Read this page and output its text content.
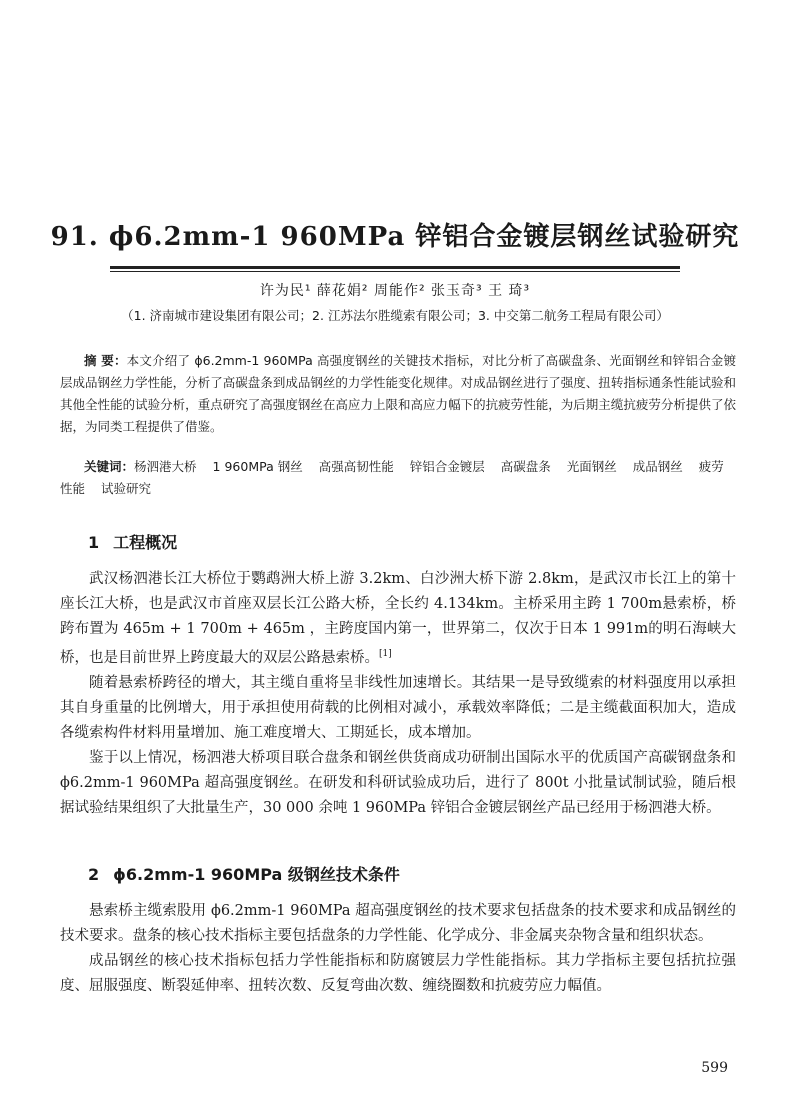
91. ϕ6.2mm-1 960MPa 锌铝合金镀层钢丝试验研究
许为民¹ 薛花娟² 周能作² 张玉奇³ 王 琦³
（1. 济南城市建设集团有限公司；2. 江苏法尔胜缆索有限公司；3. 中交第二航务工程局有限公司）

摘 要：本文介绍了 ϕ6.2mm-1 960MPa 高强度钢丝的关键技术指标，对比分析了高碳盘条、光面钢丝和锌铝合金镀层成品钢丝力学性能，分析了高碳盘条到成品钢丝的力学性能变化规律。对成品钢丝进行了强度、扭转指标通条性能试验和其他全性能的试验分析，重点研究了高强度钢丝在高应力上限和高应力幅下的抗疲劳性能，为后期主缆抗疲劳分析提供了依据，为同类工程提供了借鉴。

关键词：杨泗港大桥 1 960MPa 钢丝 高强高韧性能 锌铝合金镀层 高碳盘条 光面钢丝 成品钢丝 疲劳性能 试验研究
1 工程概况

武汉杨泗港长江大桥位于鹦鹉洲大桥上游 3.2km、白沙洲大桥下游 2.8km，是武汉市长江上的第十座长江大桥，也是武汉市首座双层长江公路大桥，全长约 4.134km。主桥采用主跨 1 700m悬索桥，桥跨布置为 465m + 1 700m + 465m ，主跨度国内第一，世界第二，仅次于日本 1 991m的明石海峡大桥，也是目前世界上跨度最大的双层公路悬索桥。[1]

随着悬索桥跨径的增大，其主缆自重将呈非线性加速增长。其结果一是导致缆索的材料强度用以承担其自身重量的比例增大，用于承担使用荷载的比例相对减小，承载效率降低；二是主缆截面积加大，造成各缆索构件材料用量增加、施工难度增大、工期延长，成本增加。

鉴于以上情况，杨泗港大桥项目联合盘条和钢丝供货商成功研制出国际水平的优质国产高碳钢盘条和 ϕ6.2mm-1 960MPa 超高强度钢丝。在研发和科研试验成功后，进行了 800t 小批量试制试验，随后根据试验结果组织了大批量生产，30 000 余吨 1 960MPa 锌铝合金镀层钢丝产品已经用于杨泗港大桥。

2 ϕ6.2mm-1 960MPa 级钢丝技术条件

悬索桥主缆索股用 ϕ6.2mm-1 960MPa 超高强度钢丝的技术要求包括盘条的技术要求和成品钢丝的技术要求。盘条的核心技术指标主要包括盘条的力学性能、化学成分、非金属夹杂物含量和组织状态。

成品钢丝的核心技术指标包括力学性能指标和防腐镀层力学性能指标。其力学指标主要包括抗拉强度、屈服强度、断裂延伸率、扭转次数、反复弯曲次数、缠绕圈数和抗疲劳应力幅值。

599
